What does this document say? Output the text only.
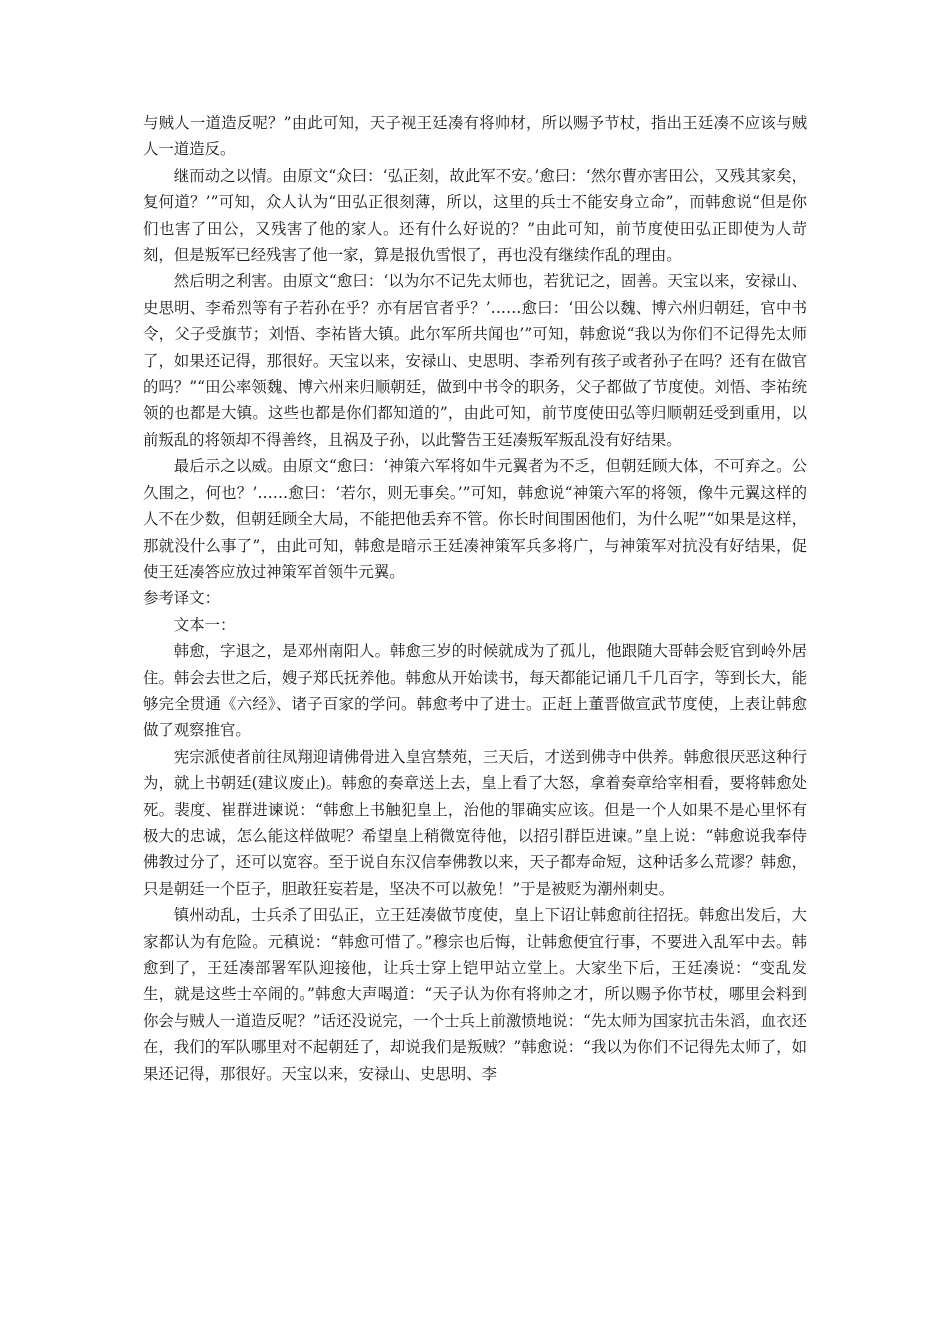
与贼人一道造反呢？”由此可知，天子视王廷凑有将帅材，所以赐予节杖，指出王廷凑不应该与贼人一道造反。

继而动之以情。由原文“众曰：‘弘正刻，故此军不安。’愈曰：‘然尔曹亦害田公，又残其家矣，复何道？’”可知，众人认为“田弘正很刻薄，所以，这里的兵士不能安身立命”，而韩愈说“但是你们也害了田公，又残害了他的家人。还有什么好说的？”由此可知，前节度使田弘正即使为人苛刻，但是叛军已经残害了他一家，算是报仇雪恨了，再也没有继续作乱的理由。

然后明之利害。由原文“愈曰：‘以为尔不记先太师也，若犹记之，固善。天宝以来，安禄山、史思明、李希烈等有子若孙在乎？亦有居官者乎？’……愈曰：‘田公以魏、博六州归朝廷，官中书令，父子受旗节；刘悟、李祐皆大镇。此尔军所共闻也’”可知，韩愈说“我以为你们不记得先太师了，如果还记得，那很好。天宝以来，安禄山、史思明、李希列有孩子或者孙子在吗？还有在做官的吗？”“田公率领魏、博六州来归顺朝廷，做到中书令的职务，父子都做了节度使。刘悟、李祐统领的也都是大镇。这些也都是你们都知道的”，由此可知，前节度使田弘等归顺朝廷受到重用，以前叛乱的将领却不得善终，且祸及子孙，以此警告王廷凑叛军叛乱没有好结果。

最后示之以威。由原文“愈曰：‘神策六军将如牛元翼者为不乏，但朝廷顾大体，不可弃之。公久围之，何也？’……愈曰：‘若尔，则无事矣。’”可知，韩愈说“神策六军的将领，像牛元翼这样的人不在少数，但朝廷顾全大局，不能把他丢弃不管。你长时间围困他们，为什么呢”“如果是这样，那就没什么事了”，由此可知，韩愈是暗示王廷凑神策军兵多将广，与神策军对抗没有好结果，促使王廷凑答应放过神策军首领牛元翼。

参考译文：

文本一：

韩愈，字退之，是邓州南阳人。韩愈三岁的时候就成为了孤儿，他跟随大哥韩会贬官到岭外居住。韩会去世之后，嫂子郑氏抚养他。韩愈从开始读书，每天都能记诵几千几百字，等到长大，能够完全贯通《六经》、诸子百家的学问。韩愈考中了进士。正赶上董晋做宣武节度使，上表让韩愈做了观察推官。

宪宗派使者前往凤翔迎请佛骨进入皇宫禁苑，三天后，才送到佛寺中供养。韩愈很厌恶这种行为，就上书朝廷(建议废止)。韩愈的奏章送上去，皇上看了大怒，拿着奏章给宰相看，要将韩愈处死。裴度、崔群进谏说：“韩愈上书触犯皇上，治他的罪确实应该。但是一个人如果不是心里怀有极大的忠诚，怎么能这样做呢？希望皇上稍微宽待他，以招引群臣进谏。”皇上说：“韩愈说我奉侍佛教过分了，还可以宽容。至于说自东汉信奉佛教以来，天子都寿命短，这种话多么荒谬？韩愈，只是朝廷一个臣子，胆敢狂妄若是，坚决不可以赦免！”于是被贬为潮州刺史。

镇州动乱，士兵杀了田弘正，立王廷凑做节度使，皇上下诏让韩愈前往招抚。韩愈出发后，大家都认为有危险。元稹说：“韩愈可惜了。”穆宗也后悔，让韩愈便宜行事，不要进入乱军中去。韩愈到了，王廷凑部署军队迎接他，让兵士穿上铠甲站立堂上。大家坐下后，王廷凑说：“变乱发生，就是这些士卒闹的。”韩愈大声喝道：“天子认为你有将帅之才，所以赐予你节杖，哪里会料到你会与贼人一道造反呢？”话还没说完，一个士兵上前激愤地说：“先太师为国家抗击朱滔，血衣还在，我们的军队哪里对不起朝廷了，却说我们是叛贼？”韩愈说：“我以为你们不记得先太师了，如果还记得，那很好。天宝以来，安禄山、史思明、李
